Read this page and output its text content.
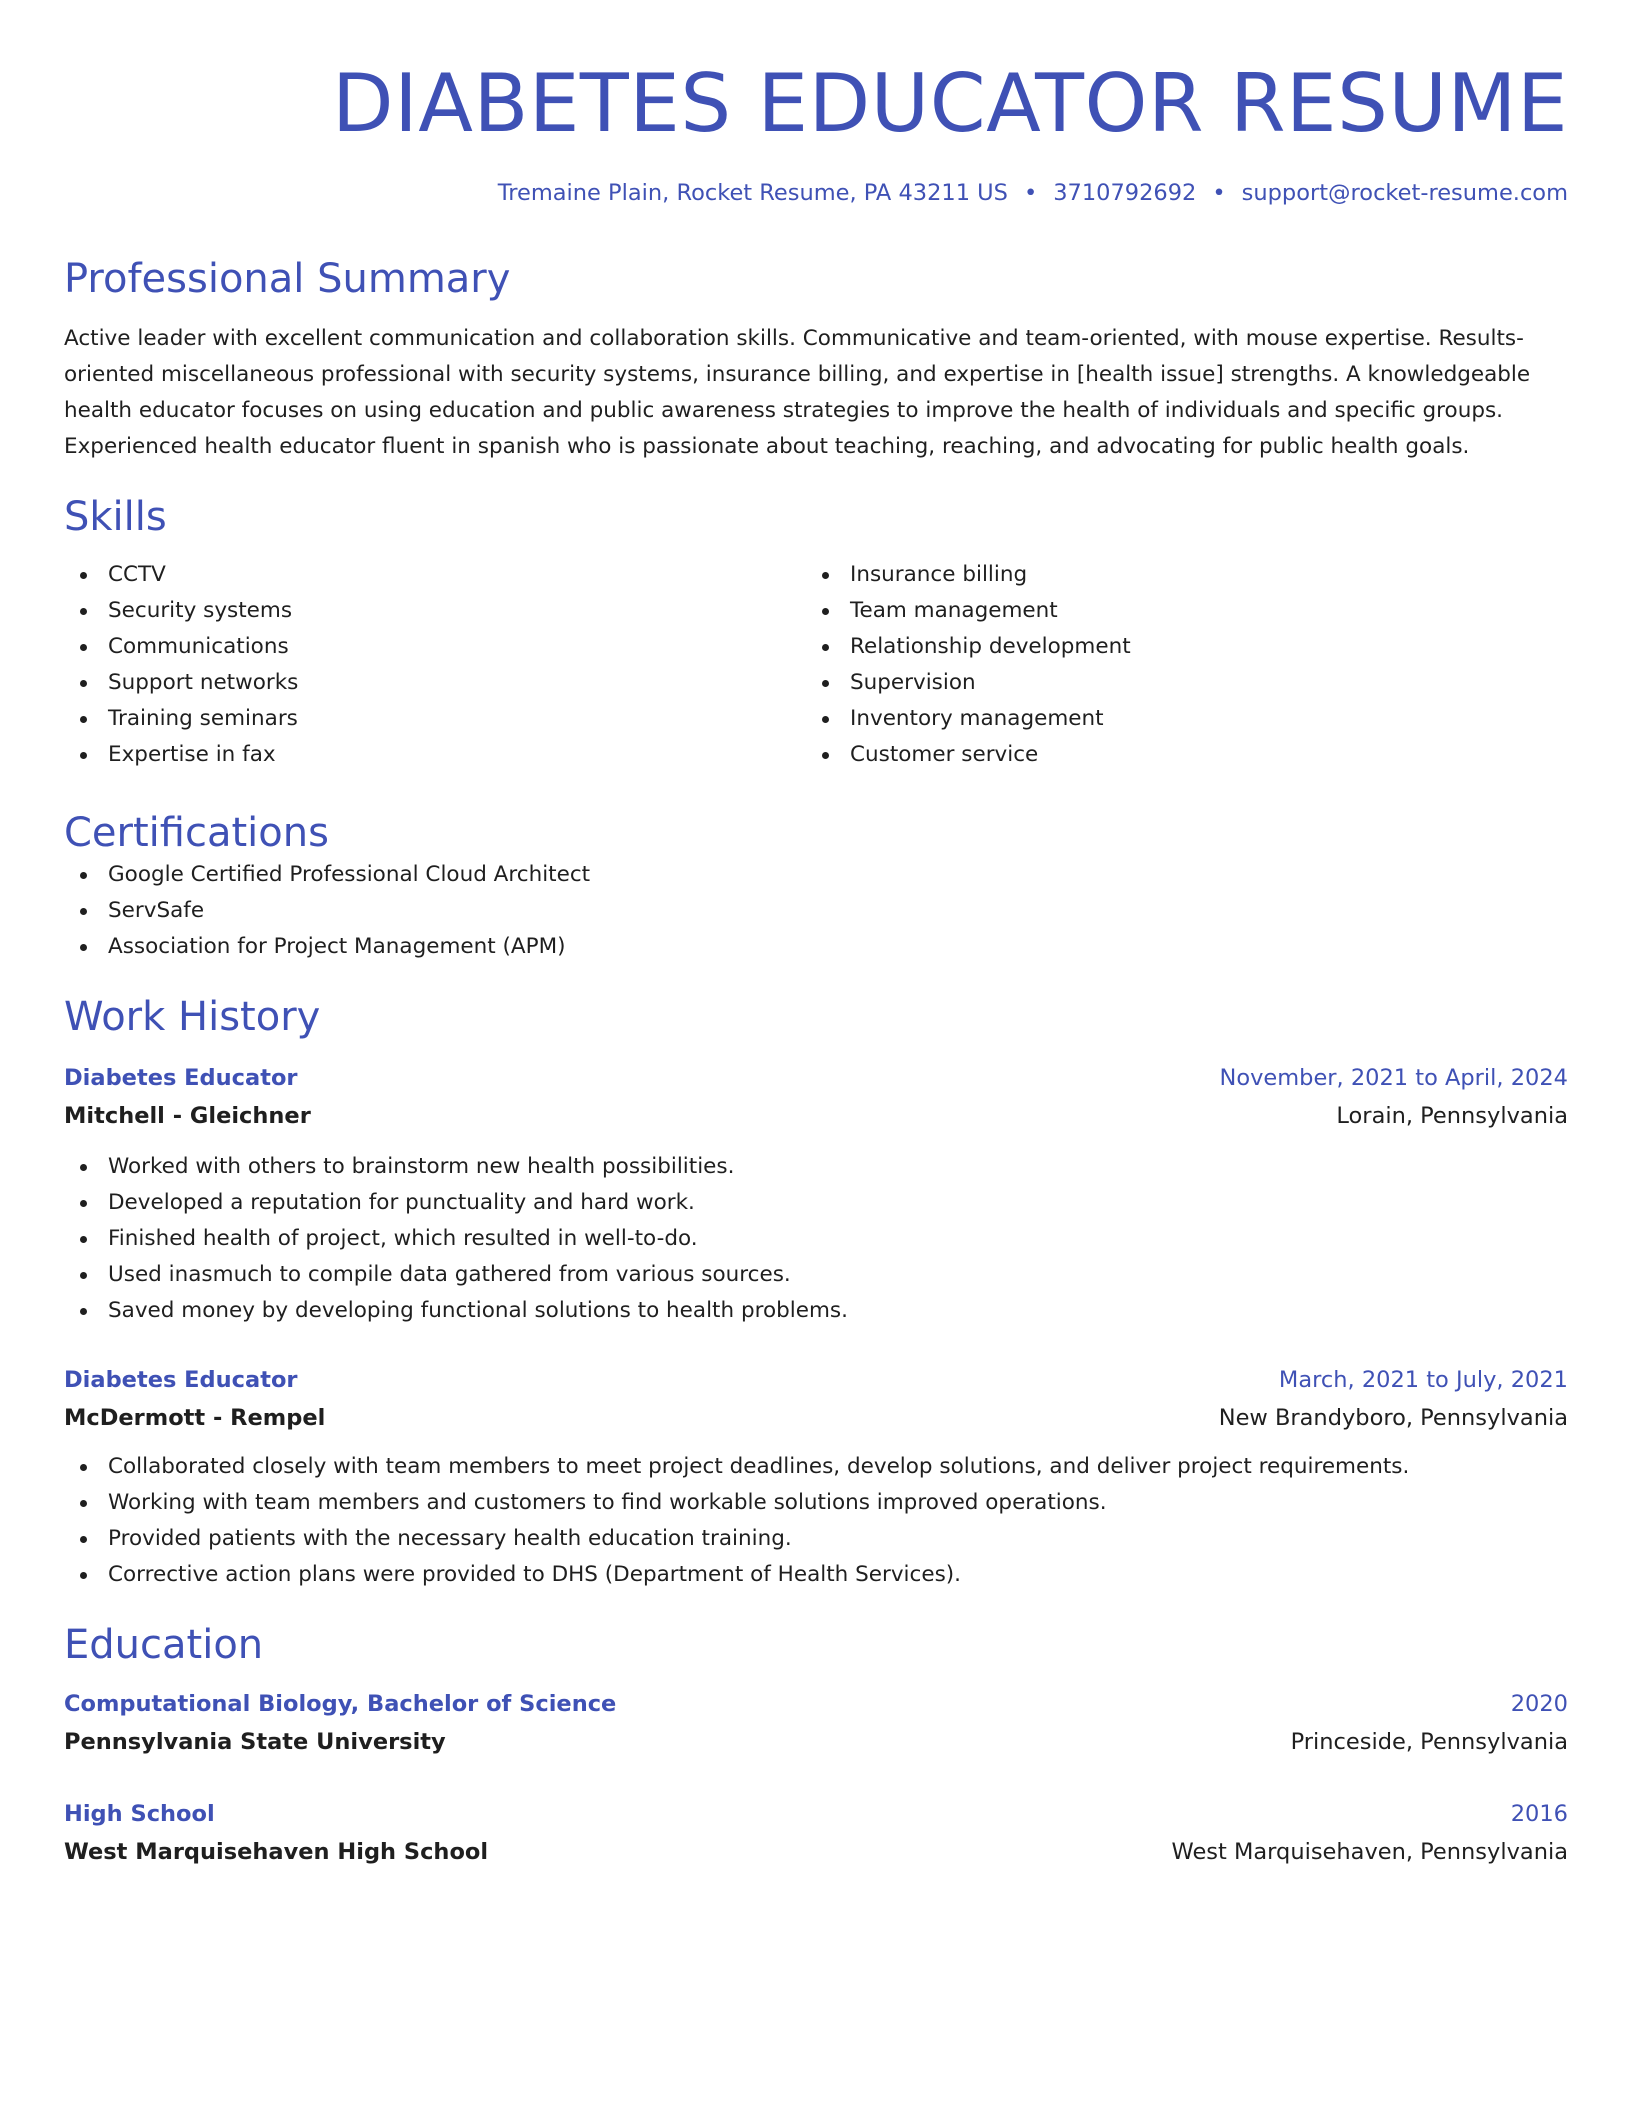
DIABETES EDUCATOR RESUME
Tremaine Plain, Rocket Resume, PA 43211 US • 3710792692 • support@rocket-resume.com
Professional Summary
Active leader with excellent communication and collaboration skills. Communicative and team-oriented, with mouse expertise. Results-oriented miscellaneous professional with security systems, insurance billing, and expertise in [health issue] strengths. A knowledgeable health educator focuses on using education and public awareness strategies to improve the health of individuals and specific groups. Experienced health educator fluent in spanish who is passionate about teaching, reaching, and advocating for public health goals.
Skills
CCTV
Security systems
Communications
Support networks
Training seminars
Expertise in fax
Insurance billing
Team management
Relationship development
Supervision
Inventory management
Customer service
Certifications
Google Certified Professional Cloud Architect
ServSafe
Association for Project Management (APM)
Work History
Diabetes Educator	November, 2021 to April, 2024
Mitchell - Gleichner	Lorain, Pennsylvania
Worked with others to brainstorm new health possibilities.
Developed a reputation for punctuality and hard work.
Finished health of project, which resulted in well-to-do.
Used inasmuch to compile data gathered from various sources.
Saved money by developing functional solutions to health problems.
Diabetes Educator	March, 2021 to July, 2021
McDermott - Rempel	New Brandyboro, Pennsylvania
Collaborated closely with team members to meet project deadlines, develop solutions, and deliver project requirements.
Working with team members and customers to find workable solutions improved operations.
Provided patients with the necessary health education training.
Corrective action plans were provided to DHS (Department of Health Services).
Education
Computational Biology, Bachelor of Science	2020
Pennsylvania State University	Princeside, Pennsylvania
High School	2016
West Marquisehaven High School	West Marquisehaven, Pennsylvania
